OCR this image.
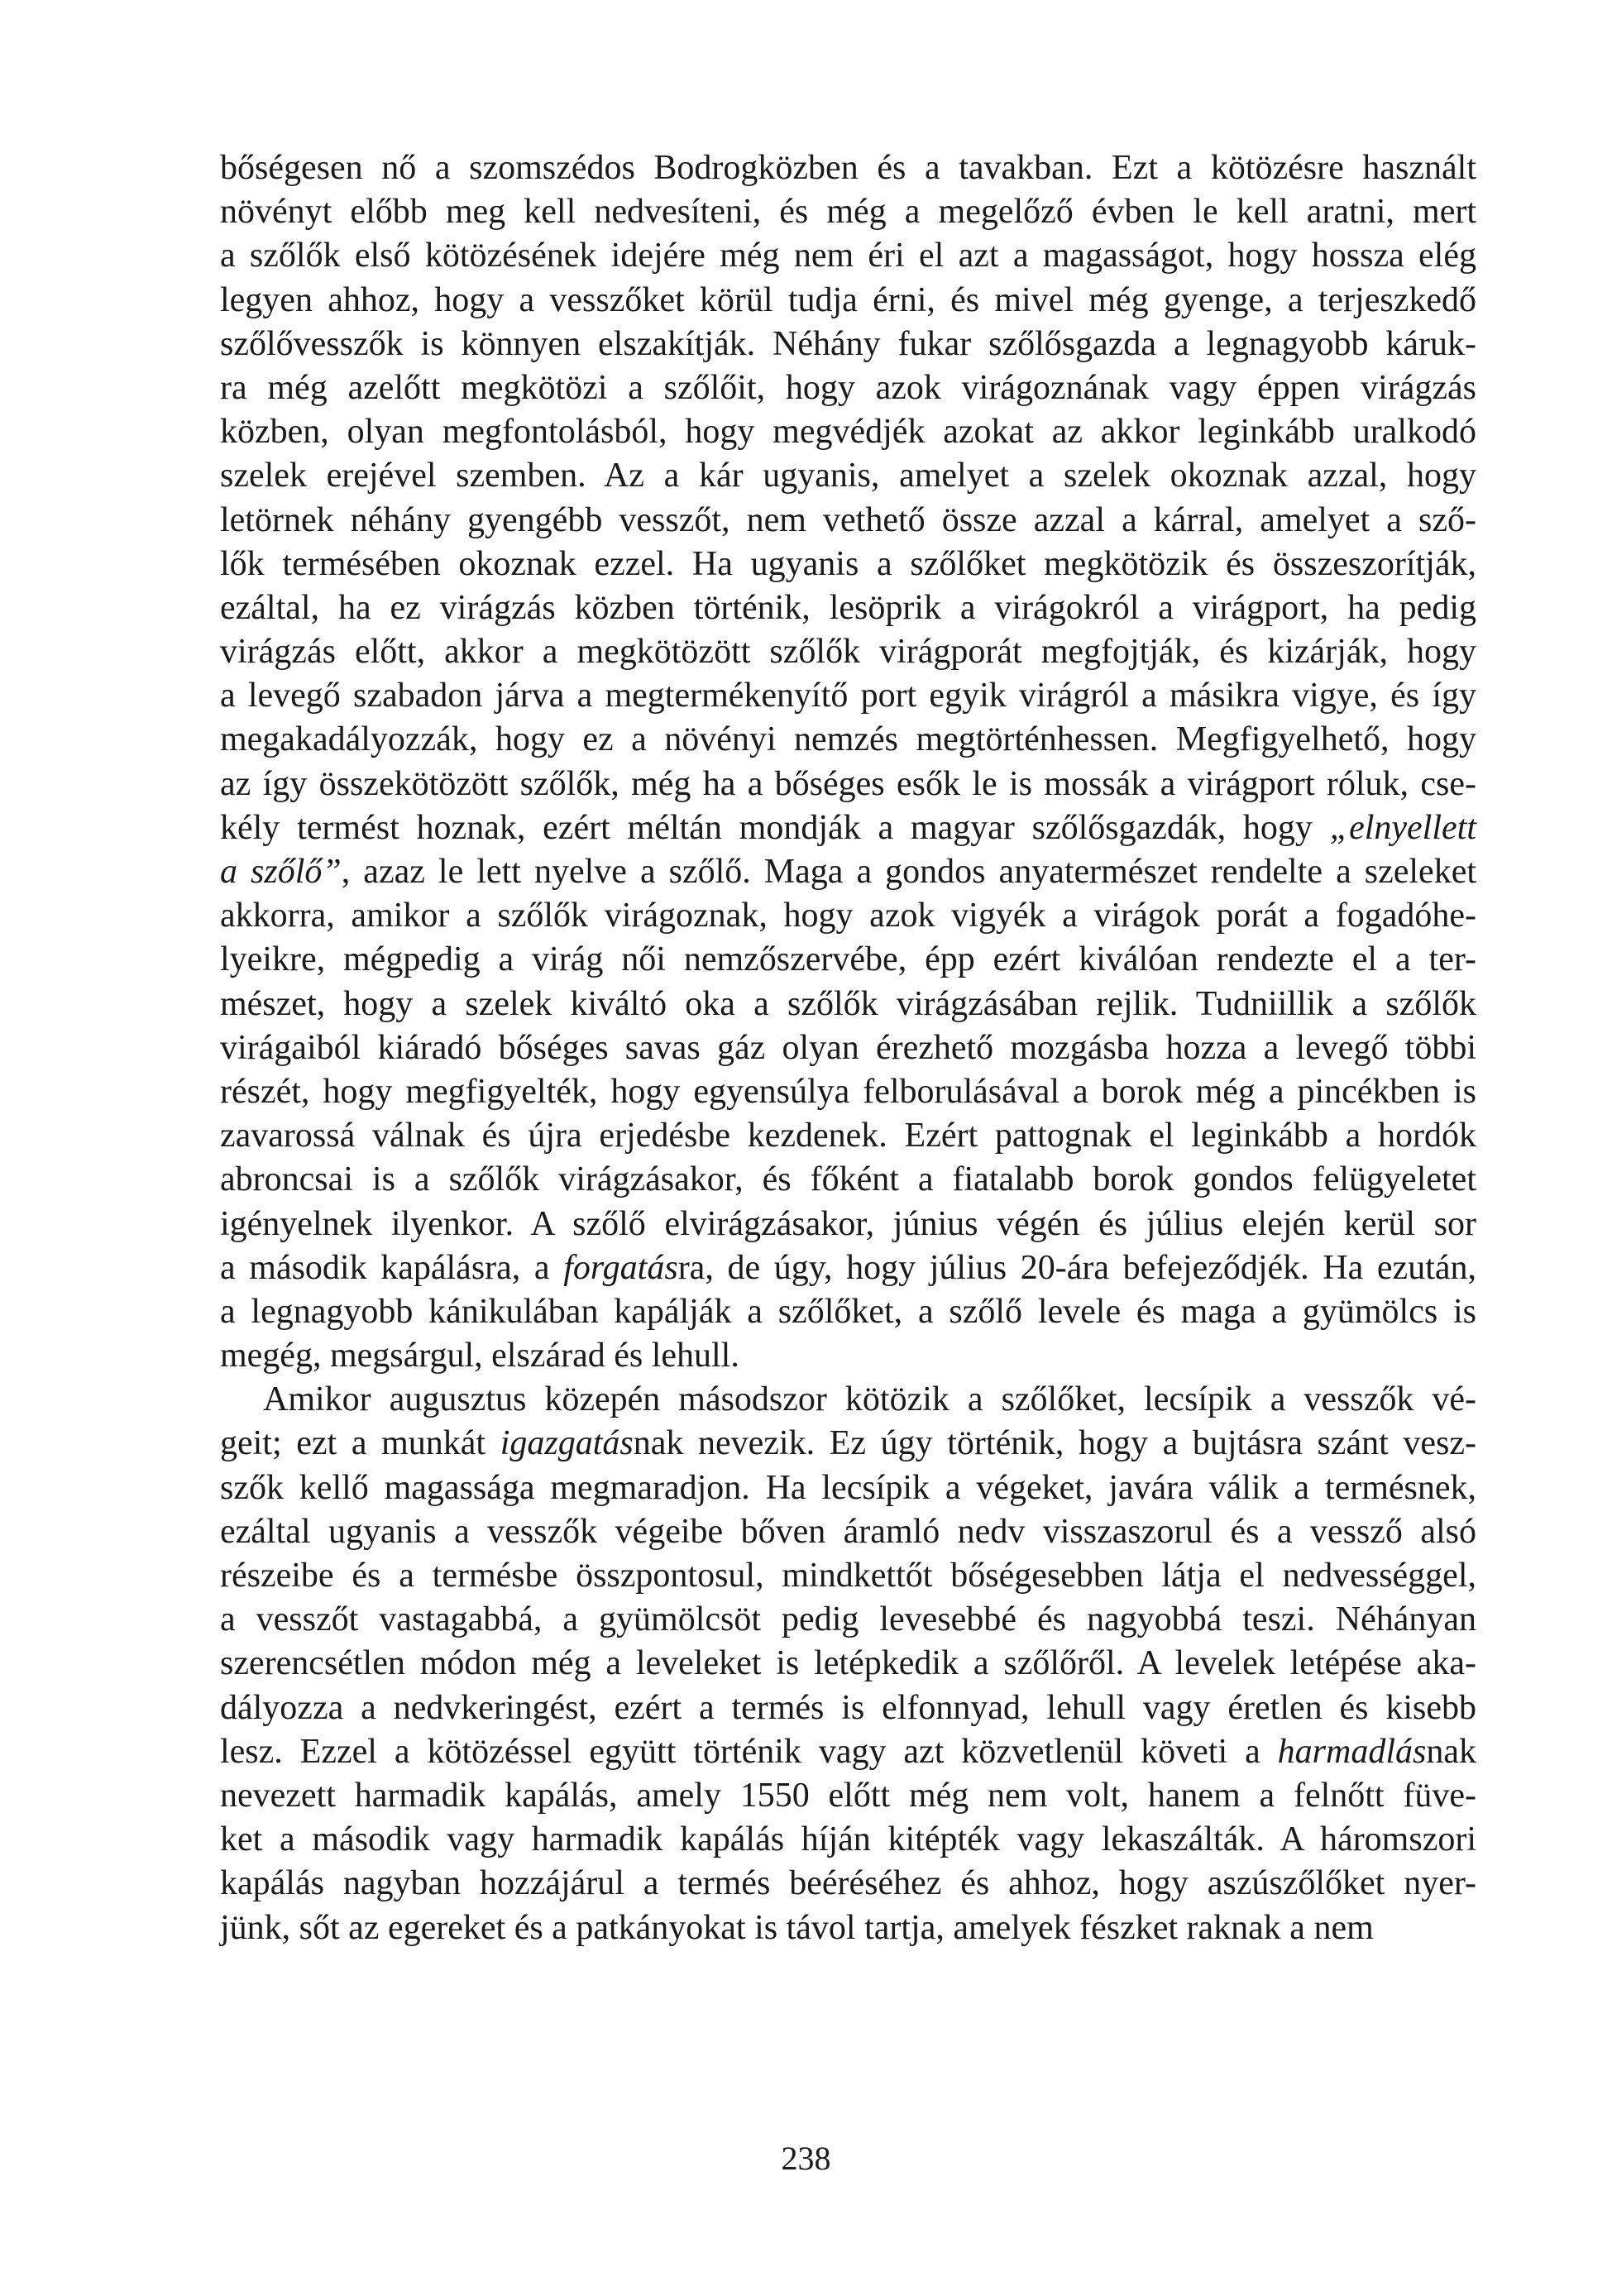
bőségesen nő a szomszédos Bodrogközben és a tavakban. Ezt a kötözésre használt
növényt előbb meg kell nedvesíteni, és még a megelőző évben le kell aratni, mert
a szőlők első kötözésének idejére még nem éri el azt a magasságot, hogy hossza elég
legyen ahhoz, hogy a vesszőket körül tudja érni, és mivel még gyenge, a terjeszkedő
szőlővesszők is könnyen elszakítják. Néhány fukar szőlősgazda a legnagyobb káruk-
ra még azelőtt megkötözi a szőlőit, hogy azok virágoznának vagy éppen virágzás
közben, olyan megfontolásból, hogy megvédjék azokat az akkor leginkább uralkodó
szelek erejével szemben. Az a kár ugyanis, amelyet a szelek okoznak azzal, hogy
letörnek néhány gyengébb vesszőt, nem vethető össze azzal a kárral, amelyet a sző-
lők termésében okoznak ezzel. Ha ugyanis a szőlőket megkötözik és összeszorítják,
ezáltal, ha ez virágzás közben történik, lesöprik a virágokról a virágport, ha pedig
virágzás előtt, akkor a megkötözött szőlők virágporát megfojtják, és kizárják, hogy
a levegő szabadon járva a megtermékenyítő port egyik virágról a másikra vigye, és így
megakadályozzák, hogy ez a növényi nemzés megtörténhessen. Megfigyelhető, hogy
az így összekötözött szőlők, még ha a bőséges esők le is mossák a virágport róluk, cse-
kély termést hoznak, ezért méltán mondják a magyar szőlősgazdák, hogy „elnyellett
a szőlő”, azaz le lett nyelve a szőlő. Maga a gondos anyatermészet rendelte a szeleket
akkorra, amikor a szőlők virágoznak, hogy azok vigyék a virágok porát a fogadóhe-
lyeikre, mégpedig a virág női nemzőszervébe, épp ezért kiválóan rendezte el a ter-
mészet, hogy a szelek kiváltó oka a szőlők virágzásában rejlik. Tudniillik a szőlők
virágaiból kiáradó bőséges savas gáz olyan érezhető mozgásba hozza a levegő többi
részét, hogy megfigyelték, hogy egyensúlya felborulásával a borok még a pincékben is
zavarossá válnak és újra erjedésbe kezdenek. Ezért pattognak el leginkább a hordók
abroncsai is a szőlők virágzásakor, és főként a fiatalabb borok gondos felügyeletet
igényelnek ilyenkor. A szőlő elvirágzásakor, június végén és július elején kerül sor
a második kapálásra, a forgatásra, de úgy, hogy július 20-ára befejeződjék. Ha ezután,
a legnagyobb kánikulában kapálják a szőlőket, a szőlő levele és maga a gyümölcs is
megég, megsárgul, elszárad és lehull.

Amikor augusztus közepén másodszor kötözik a szőlőket, lecsípik a vesszők vé-
geit; ezt a munkát igazgatásnak nevezik. Ez úgy történik, hogy a bujtásra szánt vesz-
szők kellő magassága megmaradjon. Ha lecsípik a végeket, javára válik a termésnek,
ezáltal ugyanis a vesszők végeibe bőven áramló nedv visszaszorul és a vessző alsó
részeibe és a termésbe összpontosul, mindkettőt bőségesebben látja el nedvességgel,
a vesszőt vastagabbá, a gyümölcsöt pedig levesebbé és nagyobbá teszi. Néhányan
szerencsétlen módon még a leveleket is letépkedik a szőlőről. A levelek letépése aka-
dályozza a nedvkeringést, ezért a termés is elfonnyad, lehull vagy éretlen és kisebb
lesz. Ezzel a kötözéssel együtt történik vagy azt közvetlenül követi a harmadlásnak
nevezett harmadik kapálás, amely 1550 előtt még nem volt, hanem a felnőtt füve-
ket a második vagy harmadik kapálás híján kitépték vagy lekaszálták. A háromszori
kapálás nagyban hozzájárul a termés beéréséhez és ahhoz, hogy aszúszőlőket nyer-
jünk, sőt az egereket és a patkányokat is távol tartja, amelyek fészket raknak a nem

238
